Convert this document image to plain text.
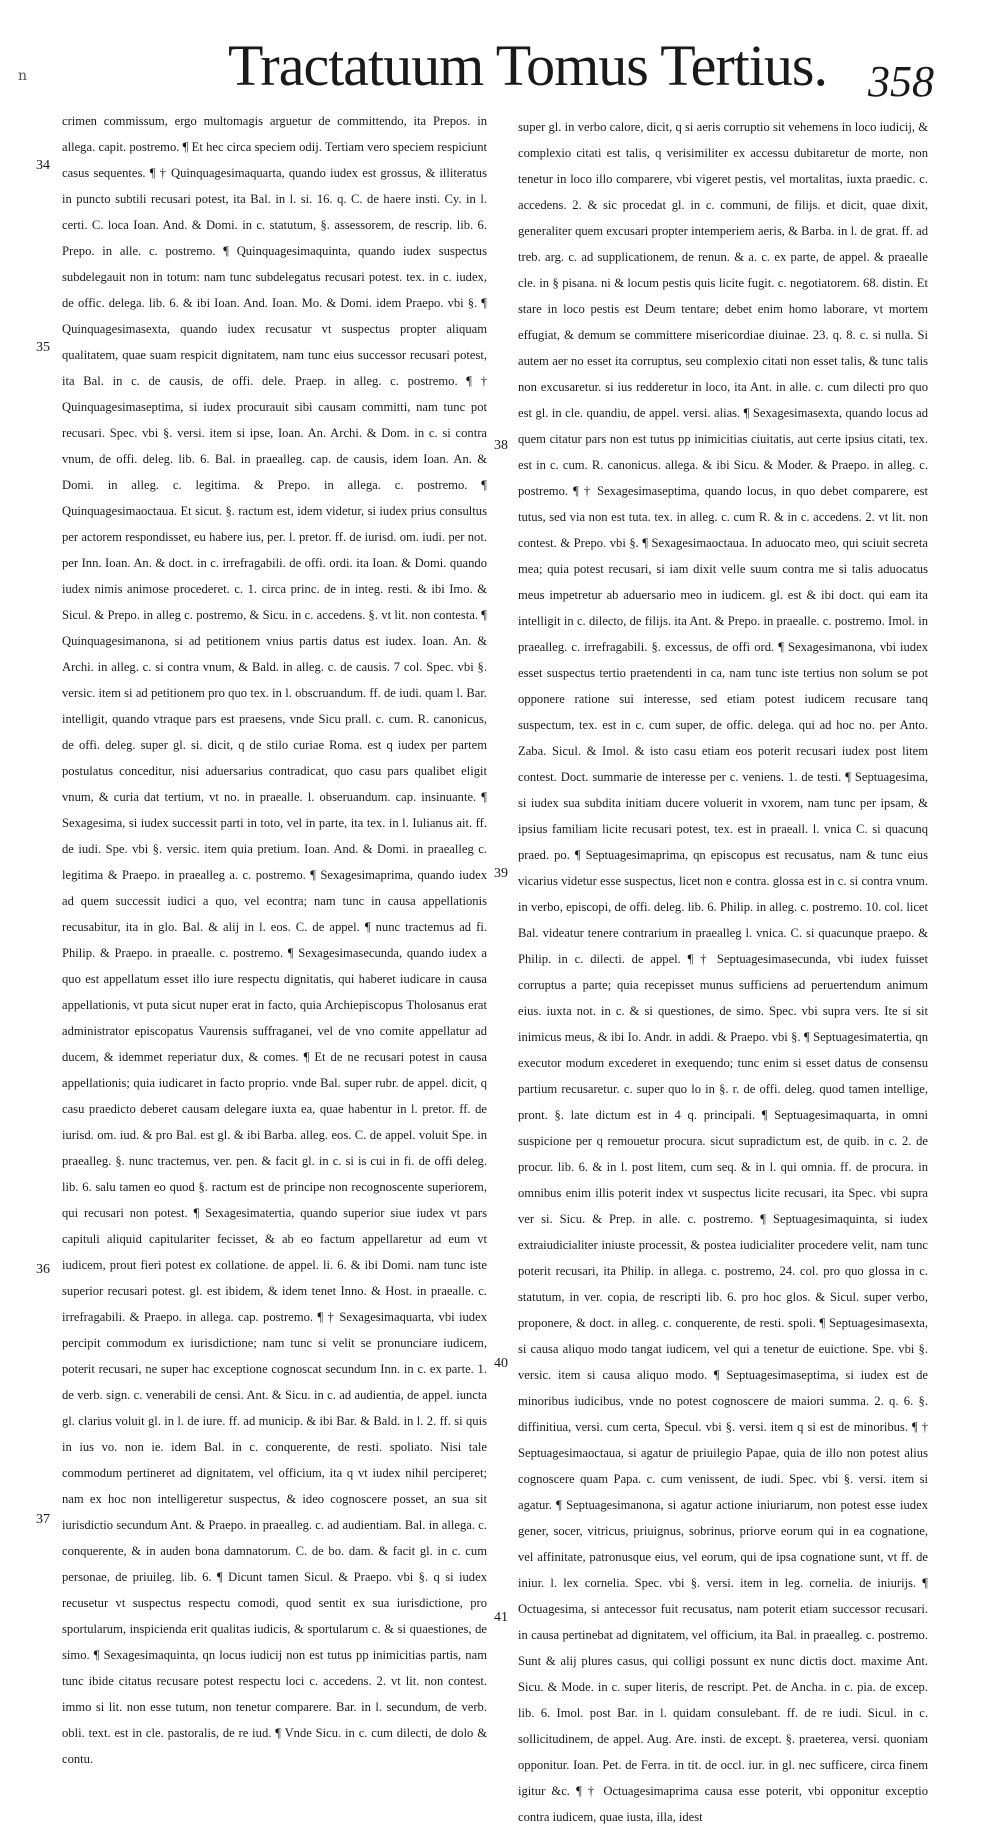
n	Tractatuum Tomus Tertius. 358
34
35
36
37
38
39
40
41

crimen commissum, ergo multomagis arguetur de committendo, ita Prepos. in allega. capit. postremo. ¶ Et hec circa speciem odij. Tertiam vero speciem respiciunt casus sequentes. ¶ † Quinquagesimaquarta, quando iudex est grossus, & illiteratus in puncto subtili recusari potest, ita Bal. in l. si. 16. q. C. de haere insti. Cy. in l. certi. C. loca Ioan. And. & Domi. in c. statutum, §. assessorem, de rescrip. lib. 6. Prepo. in alle. c. postremo. ¶ Quinquagesimaquinta, quando iudex suspectus subdelegauit non in totum: nam tunc subdelegatus recusari potest. tex. in c. iudex, de offic. delega. lib. 6. & ibi Ioan. And. Ioan. Mo. & Domi. idem Praepo. vbi §. ¶ Quinquagesimasexta, quando iudex recusatur vt suspectus propter aliquam qualitatem, quae suam respicit dignitatem, nam tunc eius successor recusari potest, ita Bal. in c. de causis, de offi. dele. Praep. in alleg. c. postremo. ¶ † Quinquagesimaseptima, si iudex procurauit sibi causam committi, nam tunc pot recusari. Spec. vbi §. versi. item si ipse, Ioan. An. Archi. & Dom. in c. si contra vnum, de offi. deleg. lib. 6. Bal. in praealleg. cap. de causis, idem Ioan. An. & Domi. in alleg. c. legitima. & Prepo. in allega. c. postremo. ¶ Quinquagesimaoctaua. Et sicut. §. ractum est, idem videtur, si iudex prius consultus per actorem respondisset, eu habere ius, per. l. pretor. ff. de iurisd. om. iudi. per not. per Inn. Ioan. An. & doct. in c. irrefragabili. de offi. ordi. ita Ioan. & Domi. quando iudex nimis animose procederet. c. 1. circa princ. de in integ. resti. & ibi Imo. & Sicul. & Prepo. in alleg c. postremo, & Sicu. in c. accedens. §. vt lit. non contesta. ¶ Quinquagesimanona, si ad petitionem vnius partis datus est iudex. Ioan. An. & Archi. in alleg. c. si contra vnum, & Bald. in alleg. c. de causis. 7 col. Spec. vbi §. versic. item si ad petitionem pro quo tex. in l. obscruandum. ff. de iudi. quam l. Bar. intelligit, quando vtraque pars est praesens, vnde Sicu prall. c. cum. R. canonicus, de offi. deleg. super gl. si. dicit, q de stilo curiae Roma. est q iudex per partem postulatus conceditur, nisi aduersarius contradicat, quo casu pars qualibet eligit vnum, & curia dat tertium, vt no. in praealle. l. obseruandum. cap. insinuante. ¶ Sexagesima, si iudex successit parti in toto, vel in parte, ita tex. in l. Iulianus ait. ff. de iudi. Spe. vbi §. versic. item quia pretium. Ioan. And. & Domi. in praealleg c. legitima & Praepo. in praealleg a. c. postremo. ¶ Sexagesimaprima, quando iudex ad quem successit iudici a quo, vel econtra; nam tunc in causa appellationis recusabitur, ita in glo. Bal. & alij in l. eos. C. de appel. ¶ nunc tractemus ad fi. Philip. & Praepo. in praealle. c. postremo. ¶ Sexagesimasecunda, quando iudex a quo est appellatum esset illo iure respectu dignitatis, qui haberet iudicare in causa appellationis, vt puta sicut nuper erat in facto, quia Archiepiscopus Tholosanus erat administrator episcopatus Vaurensis suffraganei, vel de vno comite appellatur ad ducem, & idemmet reperiatur dux, & comes. ¶ Et de ne recusari potest in causa appellationis; quia iudicaret in facto proprio. vnde Bal. super rubr. de appel. dicit, q casu praedicto deberet causam delegare iuxta ea, quae habentur in l. pretor. ff. de iurisd. om. iud. & pro Bal. est gl. & ibi Barba. alleg. eos. C. de appel. voluit Spe. in praealleg. §. nunc tractemus, ver. pen. & facit gl. in c. si is cui in fi. de offi deleg. lib. 6. salu tamen eo quod §. ractum est de principe non recognoscente superiorem, qui recusari non potest. ¶ Sexagesimatertia, quando superior siue iudex vt pars capituli aliquid capitulariter fecisset, & ab eo factum appellaretur ad eum vt iudicem, prout fieri potest ex collatione. de appel. li. 6. & ibi Domi. nam tunc iste superior recusari potest. gl. est ibidem, & idem tenet Inno. & Host. in praealle. c. irrefragabili. & Praepo. in allega. cap. postremo. ¶ † Sexagesimaquarta, vbi iudex percipit commodum ex iurisdictione; nam tunc si velit se pronunciare iudicem, poterit recusari, ne super hac exceptione cognoscat secundum Inn. in c. ex parte. 1. de verb. sign. c. venerabili de censi. Ant. & Sicu. in c. ad audientia, de appel. iuncta gl. clarius voluit gl. in l. de iure. ff. ad municip. & ibi Bar. & Bald. in l. 2. ff. si quis in ius vo. non ie. idem Bal. in c. conquerente, de resti. spoliato. Nisi tale commodum pertineret ad dignitatem, vel officium, ita q vt iudex nihil perciperet; nam ex hoc non intelligeretur suspectus, & ideo cognoscere posset, an sua sit iurisdictio secundum Ant. & Praepo. in praealleg. c. ad audientiam. Bal. in allega. c. conquerente, & in auden bona damnatorum. C. de bo. dam. & facit gl. in c. cum personae, de priuileg. lib. 6. ¶ Dicunt tamen Sicul. & Praepo. vbi §. q si iudex recusetur vt suspectus respectu comodi, quod sentit ex sua iurisdictione, pro sportularum, inspicienda erit qualitas iudicis, & sportularum c. & si quaestiones, de simo. ¶ Sexagesimaquinta, qn locus iudicij non est tutus pp inimicitias partis, nam tunc ibide citatus recusare potest respectu loci c. accedens. 2. vt lit. non contest. immo si lit. non esse tutum, non tenetur comparere. Bar. in l. secundum, de verb. obli. text. est in cle. pastoralis, de re iud. ¶ Vnde Sicu. in c. cum dilecti, de dolo & contu.

super gl. in verbo calore, dicit, q si aeris corruptio sit vehemens in loco iudicij, & complexio citati est talis, q verisimiliter ex accessu dubitaretur de morte, non tenetur in loco illo comparere, vbi vigeret pestis, vel mortalitas, iuxta praedic. c. accedens. 2. & sic procedat gl. in c. communi, de filijs. et dicit, quae dixit, generaliter quem excusari propter intemperiem aeris, & Barba. in l. de grat. ff. ad treb. arg. c. ad supplicationem, de renun. & a. c. ex parte, de appel. & praealle cle. in § pisana. ni & locum pestis quis licite fugit. c. negotiatorem. 68. distin. Et stare in loco pestis est Deum tentare; debet enim homo laborare, vt mortem effugiat, & demum se committere misericordiae diuinae. 23. q. 8. c. si nulla. Si autem aer no esset ita corruptus, seu complexio citati non esset talis, & tunc talis non excusaretur. si ius redderetur in loco, ita Ant. in alle. c. cum dilecti pro quo est gl. in cle. quandiu, de appel. versi. alias. ¶ Sexagesimasexta, quando locus ad quem citatur pars non est tutus pp inimicitias ciuitatis, aut certe ipsius citati, tex. est in c. cum. R. canonicus. allega. & ibi Sicu. & Moder. & Praepo. in alleg. c. postremo. ¶ † Sexagesimaseptima, quando locus, in quo debet comparere, est tutus, sed via non est tuta. tex. in alleg. c. cum R. & in c. accedens. 2. vt lit. non contest. & Prepo. vbi §. ¶ Sexagesimaoctaua. In aduocato meo, qui sciuit secreta mea; quia potest recusari, si iam dixit velle suum contra me si talis aduocatus meus impetretur ab aduersario meo in iudicem. gl. est & ibi doct. qui eam ita intelligit in c. dilecto, de filijs. ita Ant. & Prepo. in praealle. c. postremo. Imol. in praealleg. c. irrefragabili. §. excessus, de offi ord. ¶ Sexagesimanona, vbi iudex esset suspectus tertio praetendenti in ca, nam tunc iste tertius non solum se pot opponere ratione sui interesse, sed etiam potest iudicem recusare tanq suspectum, tex. est in c. cum super, de offic. delega. qui ad hoc no. per Anto. Zaba. Sicul. & Imol. & isto casu etiam eos poterit recusari iudex post litem contest. Doct. summarie de interesse per c. veniens. 1. de testi. ¶ Septuagesima, si iudex sua subdita initiam ducere voluerit in vxorem, nam tunc per ipsam, & ipsius familiam licite recusari potest, tex. est in praeall. l. vnica C. si quacunq praed. po. ¶ Septuagesimaprima, qn episcopus est recusatus, nam & tunc eius vicarius videtur esse suspectus, licet non e contra. glossa est in c. si contra vnum. in verbo, episcopi, de offi. deleg. lib. 6. Philip. in alleg. c. postremo. 10. col. licet Bal. videatur tenere contrarium in praealleg l. vnica. C. si quacunque praepo. & Philip. in c. dilecti. de appel. ¶ † Septuagesimasecunda, vbi iudex fuisset corruptus a parte; quia recepisset munus sufficiens ad peruertendum animum eius. iuxta not. in c. & si questiones, de simo. Spec. vbi supra vers. Ite si sit inimicus meus, & ibi Io. Andr. in addi. & Praepo. vbi §. ¶ Septuagesimatertia, qn executor modum excederet in exequendo; tunc enim si esset datus de consensu partium recusaretur. c. super quo lo in §. r. de offi. deleg. quod tamen intellige, pront. §. late dictum est in 4 q. principali. ¶ Septuagesimaquarta, in omni suspicione per q remouetur procura. sicut supradictum est, de quib. in c. 2. de procur. lib. 6. & in l. post litem, cum seq. & in l. qui omnia. ff. de procura. in omnibus enim illis poterit index vt suspectus licite recusari, ita Spec. vbi supra ver si. Sicu. & Prep. in alle. c. postremo. ¶ Septuagesimaquinta, si iudex extraiudicialiter iniuste processit, & postea iudicialiter procedere velit, nam tunc poterit recusari, ita Philip. in allega. c. postremo, 24. col. pro quo glossa in c. statutum, in ver. copia, de rescripti lib. 6. pro hoc glos. & Sicul. super verbo, proponere, & doct. in alleg. c. conquerente, de resti. spoli. ¶ Septuagesimasexta, si causa aliquo modo tangat iudicem, vel qui a tenetur de euictione. Spe. vbi §. versic. item si causa aliquo modo. ¶ Septuagesimaseptima, si iudex est de minoribus iudicibus, vnde no potest cognoscere de maiori summa. 2. q. 6. §. diffinitiua, versi. cum certa, Specul. vbi §. versi. item q si est de minoribus. ¶ † Septuagesimaoctaua, si agatur de priuilegio Papae, quia de illo non potest alius cognoscere quam Papa. c. cum venissent, de iudi. Spec. vbi §. versi. item si agatur. ¶ Septuagesimanona, si agatur actione iniuriarum, non potest esse iudex gener, socer, vitricus, priuignus, sobrinus, priorve eorum qui in ea cognatione, vel affinitate, patronusque eius, vel eorum, qui de ipsa cognatione sunt, vt ff. de iniur. l. lex cornelia. Spec. vbi §. versi. item in leg. cornelia. de iniurijs. ¶ Octuagesima, si antecessor fuit recusatus, nam poterit etiam successor recusari. in causa pertinebat ad dignitatem, vel officium, ita Bal. in praealleg. c. postremo. Sunt & alij plures casus, qui colligi possunt ex nunc dictis doct. maxime Ant. Sicu. & Mode. in c. super literis, de rescript. Pet. de Ancha. in c. pia. de excep. lib. 6. Imol. post Bar. in l. quidam consulebant. ff. de re iudi. Sicul. in c. sollicitudinem, de appel. Aug. Are. insti. de except. §. praeterea, versi. quoniam opponitur. Ioan. Pet. de Ferra. in tit. de occl. iur. in gl. nec sufficere, circa finem igitur &c. ¶ † Octuagesimaprima causa esse poterit, vbi opponitur exceptio contra iudicem, quae iusta, illa, idest
